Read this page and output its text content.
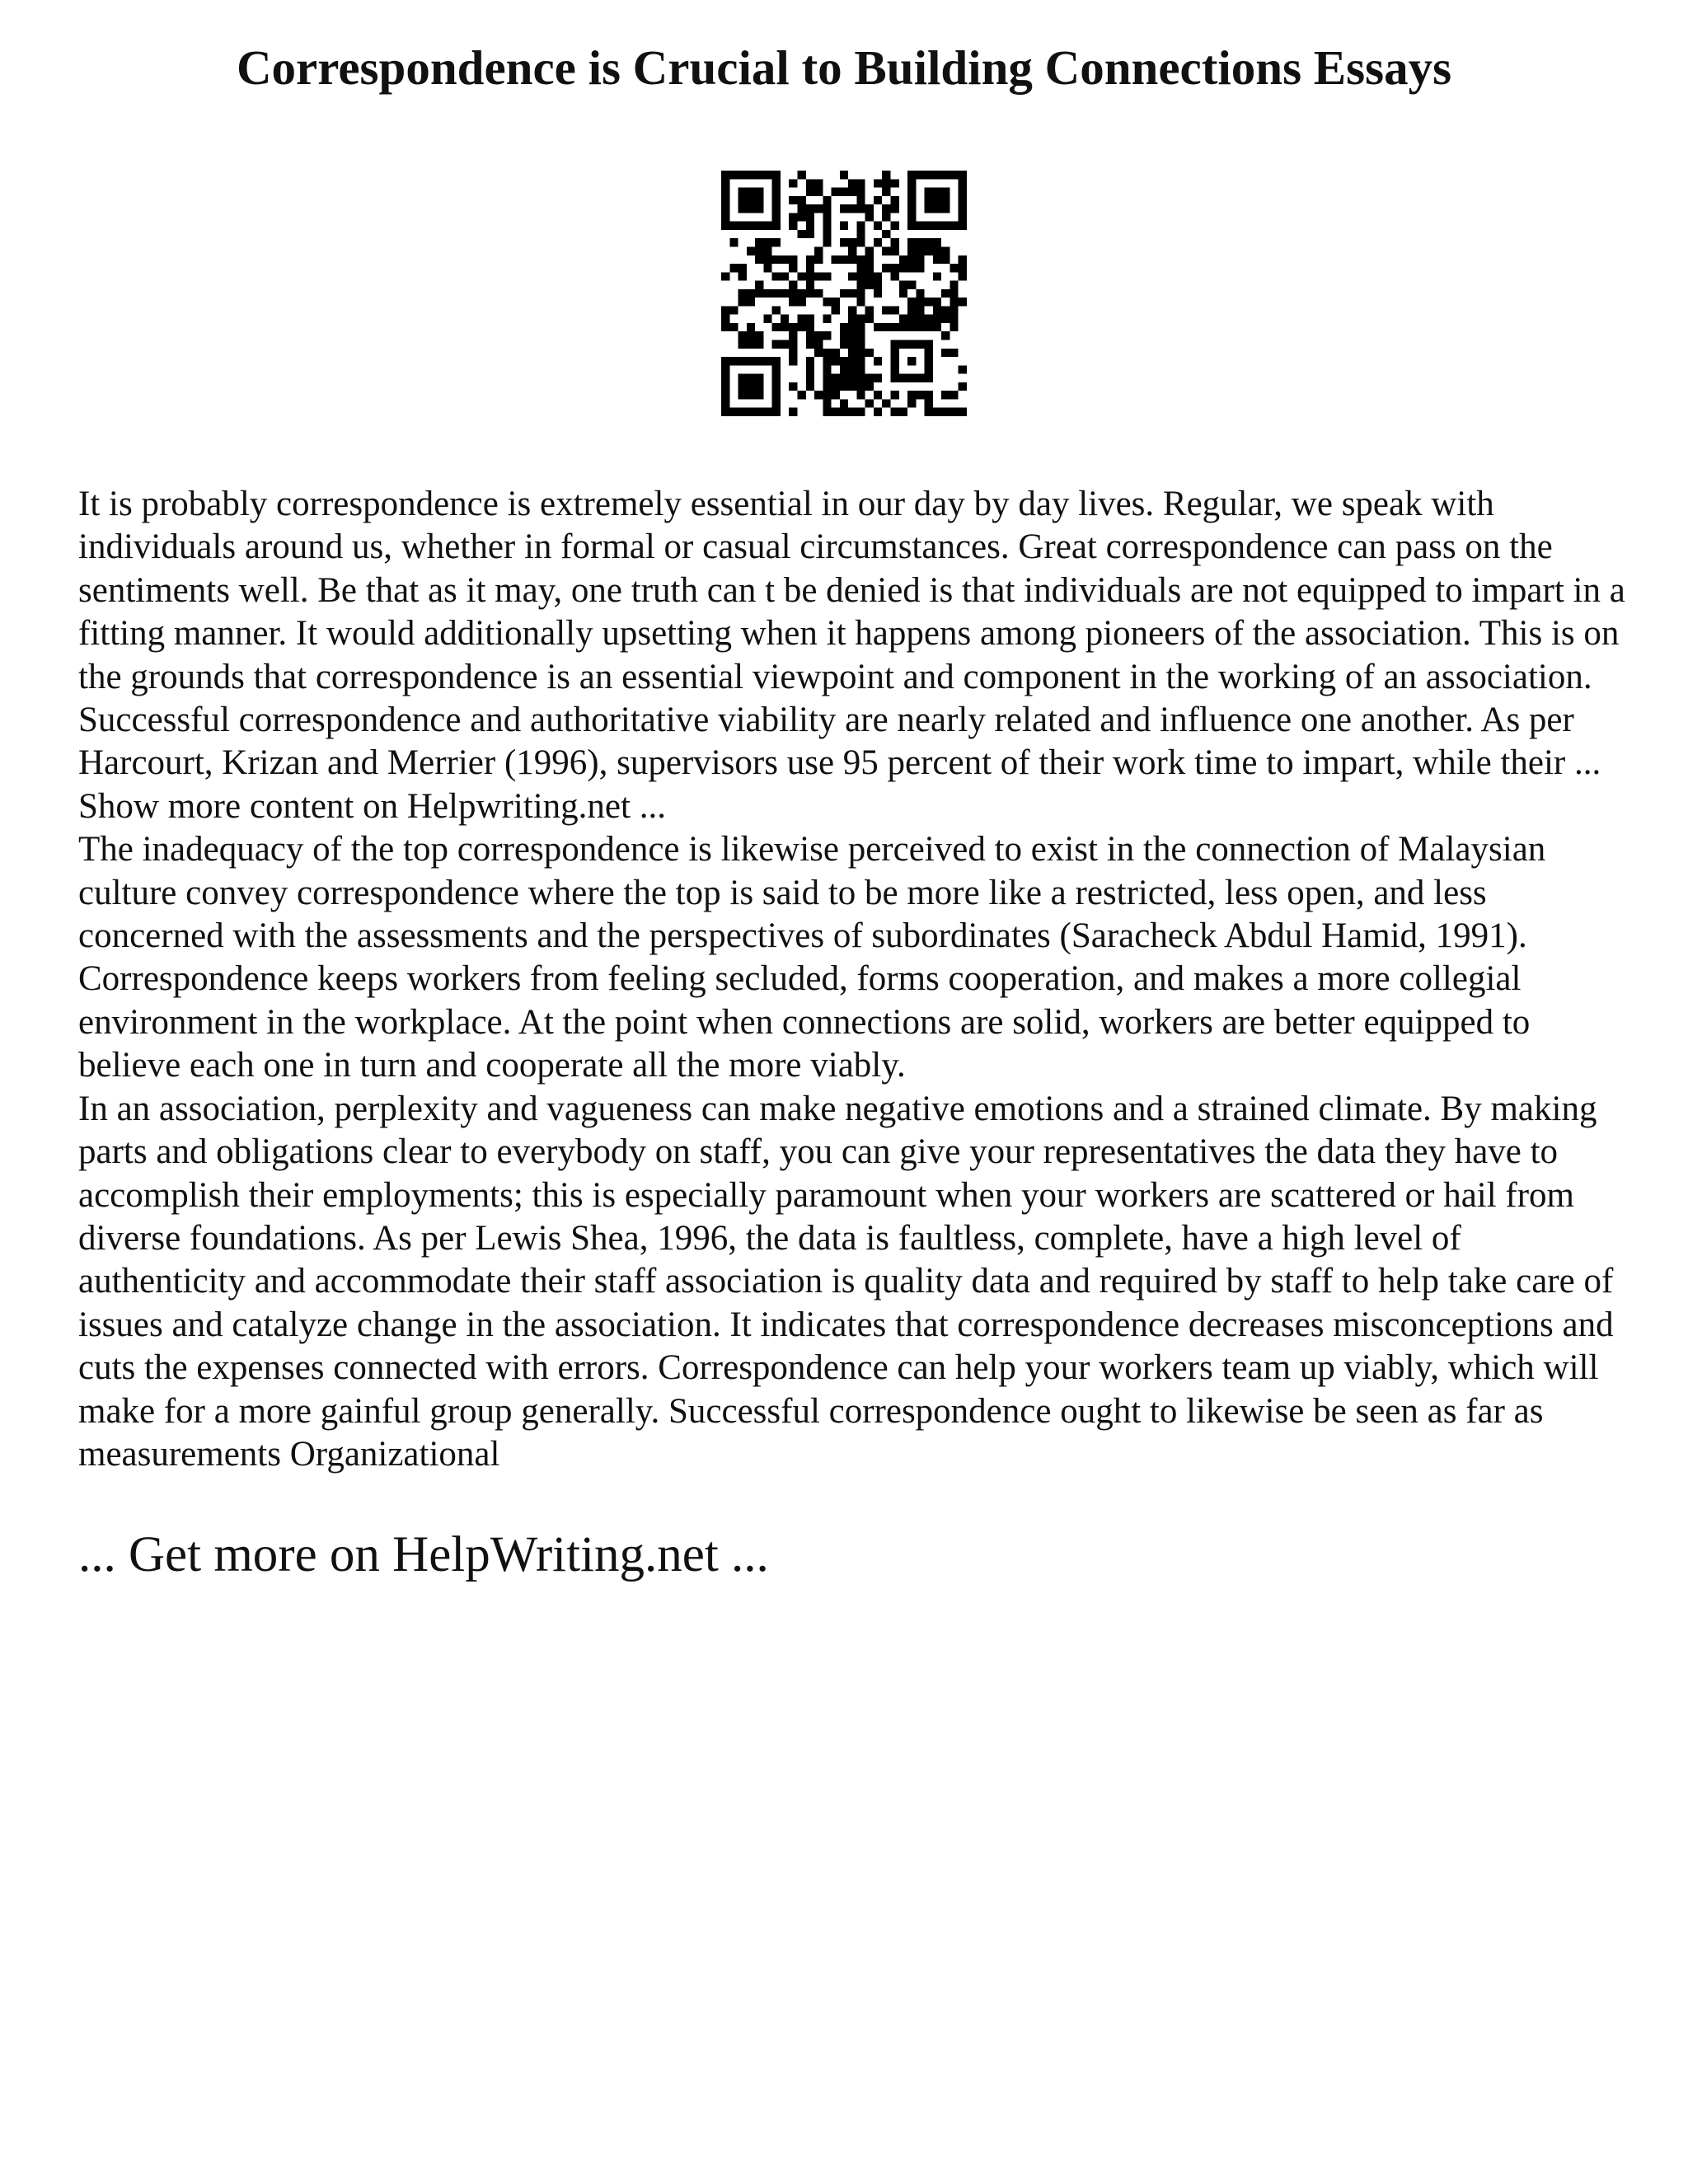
Correspondence is Crucial to Building Connections Essays

It is probably correspondence is extremely essential in our day by day lives. Regular, we speak with individuals around us, whether in formal or casual circumstances. Great correspondence can pass on the sentiments well. Be that as it may, one truth can t be denied is that individuals are not equipped to impart in a fitting manner. It would additionally upsetting when it happens among pioneers of the association. This is on the grounds that correspondence is an essential viewpoint and component in the working of an association. Successful correspondence and authoritative viability are nearly related and influence one another. As per Harcourt, Krizan and Merrier (1996), supervisors use 95 percent of their work time to impart, while their ... Show more content on Helpwriting.net ...

The inadequacy of the top correspondence is likewise perceived to exist in the connection of Malaysian culture convey correspondence where the top is said to be more like a restricted, less open, and less concerned with the assessments and the perspectives of subordinates (Saracheck Abdul Hamid, 1991). Correspondence keeps workers from feeling secluded, forms cooperation, and makes a more collegial environment in the workplace. At the point when connections are solid, workers are better equipped to believe each one in turn and cooperate all the more viably.

In an association, perplexity and vagueness can make negative emotions and a strained climate. By making parts and obligations clear to everybody on staff, you can give your representatives the data they have to accomplish their employments; this is especially paramount when your workers are scattered or hail from diverse foundations. As per Lewis Shea, 1996, the data is faultless, complete, have a high level of authenticity and accommodate their staff association is quality data and required by staff to help take care of issues and catalyze change in the association. It indicates that correspondence decreases misconceptions and cuts the expenses connected with errors. Correspondence can help your workers team up viably, which will make for a more gainful group generally. Successful correspondence ought to likewise be seen as far as measurements Organizational

... Get more on HelpWriting.net ...
